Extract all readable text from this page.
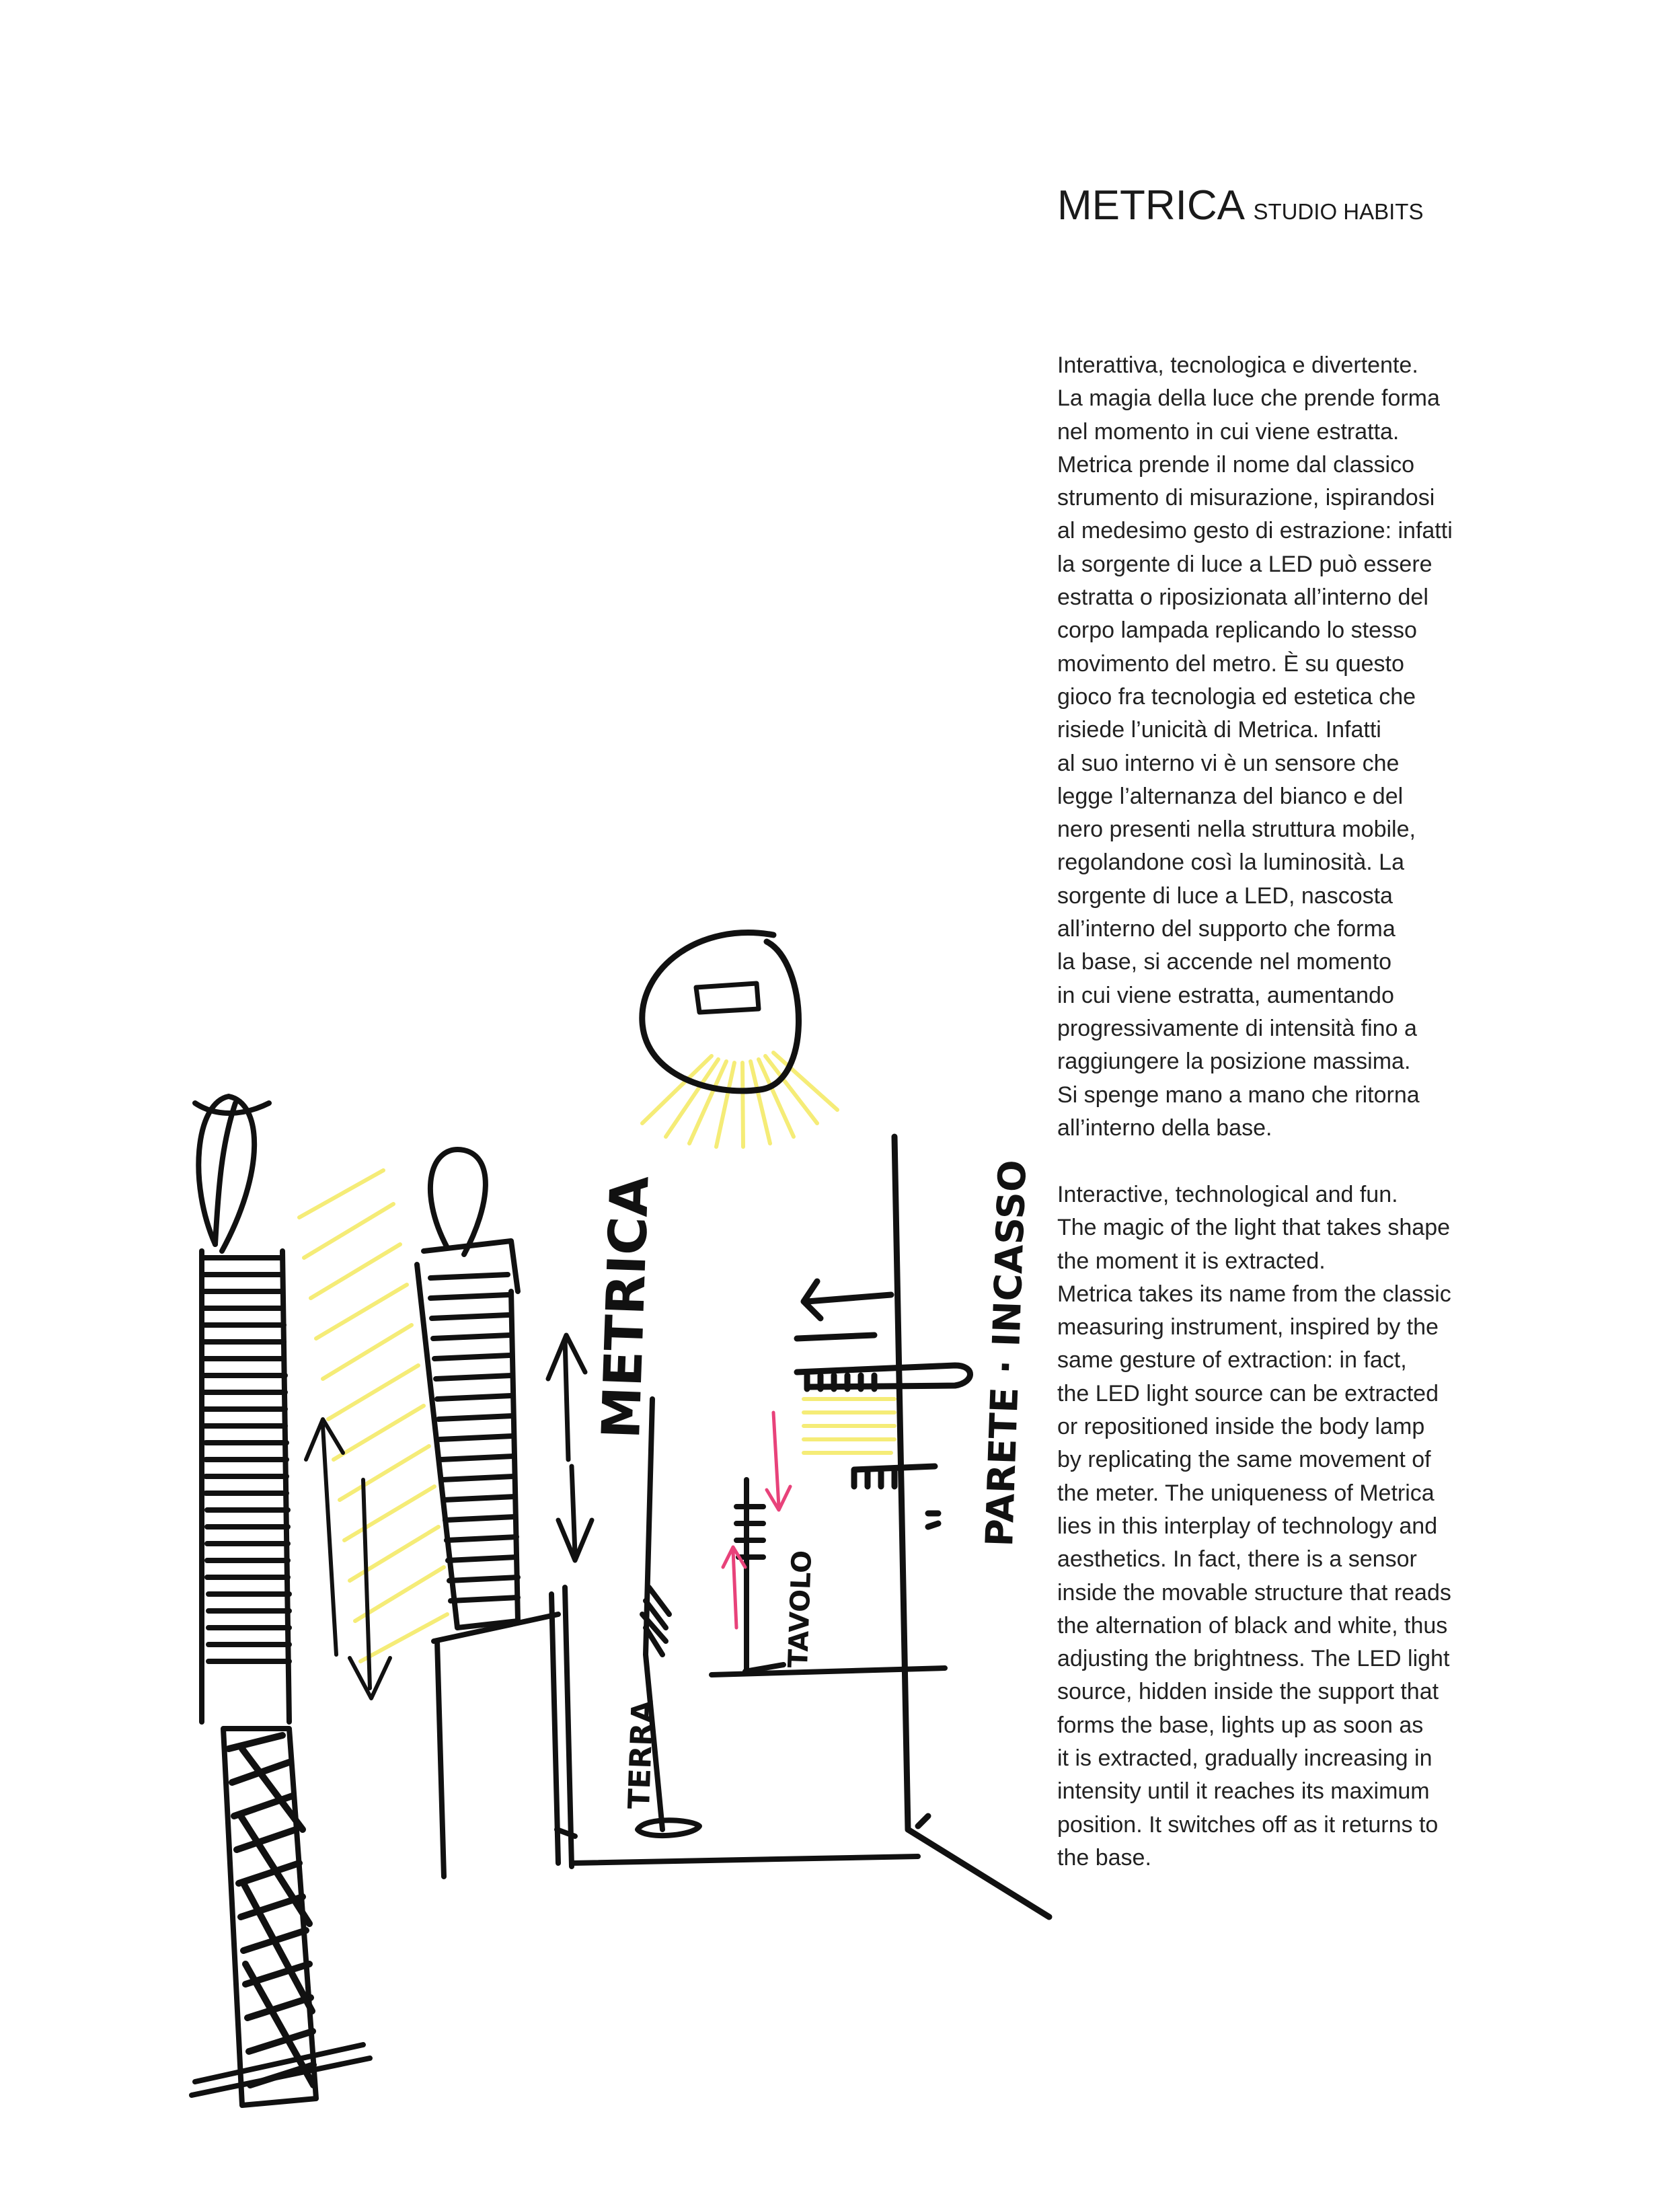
METRICA STUDIO HABITS
Interattiva, tecnologica e divertente.
La magia della luce che prende forma
nel momento in cui viene estratta.
Metrica prende il nome dal classico
strumento di misurazione, ispirandosi
al medesimo gesto di estrazione: infatti
la sorgente di luce a LED può essere
estratta o riposizionata all’interno del
corpo lampada replicando lo stesso
movimento del metro. È su questo
gioco fra tecnologia ed estetica che
risiede l’unicità di Metrica. Infatti
al suo interno vi è un sensore che
legge l’alternanza del bianco e del
nero presenti nella struttura mobile,
regolandone così la luminosità. La
sorgente di luce a LED, nascosta
all’interno del supporto che forma
la base, si accende nel momento
in cui viene estratta, aumentando
progressivamente di intensità fino a
raggiungere la posizione massima.
Si spenge mano a mano che ritorna
all’interno della base.
Interactive, technological and fun.
The magic of the light that takes shape
the moment it is extracted.
Metrica takes its name from the classic
measuring instrument, inspired by the
same gesture of extraction: in fact,
the LED light source can be extracted
or repositioned inside the body lamp
by replicating the same movement of
the meter. The uniqueness of Metrica
lies in this interplay of technology and
aesthetics. In fact, there is a sensor
inside the movable structure that reads
the alternation of black and white, thus
adjusting the brightness. The LED light
source, hidden inside the support that
forms the base, lights up as soon as
it is extracted, gradually increasing in
intensity until it reaches its maximum
position. It switches off as it returns to
the base.
METRICA
TERRA
TAVOLO
PARETE · INCASSO
